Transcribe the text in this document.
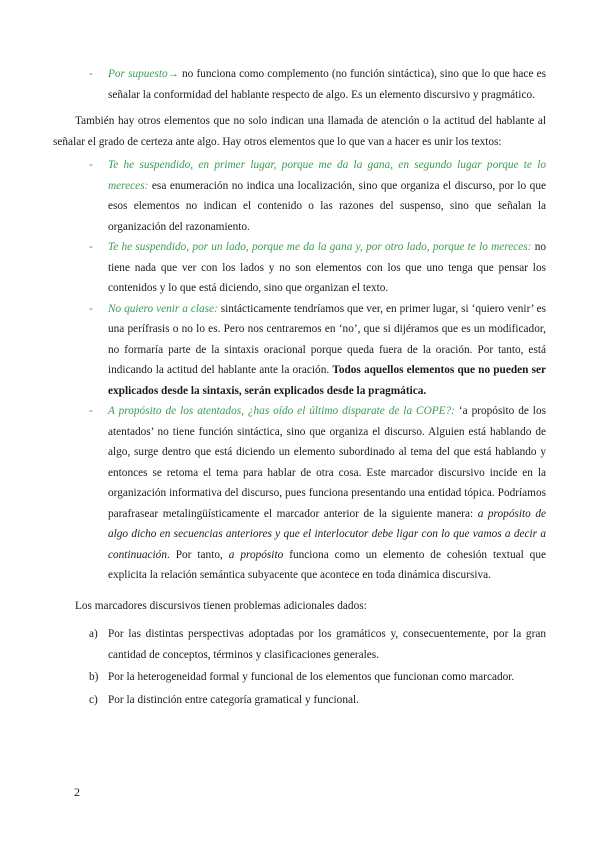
- Por supuesto→ no funciona como complemento (no función sintáctica), sino que lo que hace es señalar la conformidad del hablante respecto de algo. Es un elemento discursivo y pragmático.

También hay otros elementos que no solo indican una llamada de atención o la actitud del hablante al señalar el grado de certeza ante algo. Hay otros elementos que lo que van a hacer es unir los textos:

- Te he suspendido, en primer lugar, porque me da la gana, en segundo lugar porque te lo mereces: esa enumeración no indica una localización, sino que organiza el discurso, por lo que esos elementos no indican el contenido o las razones del suspenso, sino que señalan la organización del razonamiento.
- Te he suspendido, por un lado, porque me da la gana y, por otro lado, porque te lo mereces: no tiene nada que ver con los lados y no son elementos con los que uno tenga que pensar los contenidos y lo que está diciendo, sino que organizan el texto.
- No quiero venir a clase: sintácticamente tendríamos que ver, en primer lugar, si ‘quiero venir’ es una perífrasis o no lo es. Pero nos centraremos en ‘no’, que si dijéramos que es un modificador, no formaría parte de la sintaxis oracional porque queda fuera de la oración. Por tanto, está indicando la actitud del hablante ante la oración. Todos aquellos elementos que no pueden ser explicados desde la sintaxis, serán explicados desde la pragmática.
- A propósito de los atentados, ¿has oído el último disparate de la COPE?: ‘a propósito de los atentados’ no tiene función sintáctica, sino que organiza el discurso. Alguien está hablando de algo, surge dentro que está diciendo un elemento subordinado al tema del que está hablando y entonces se retoma el tema para hablar de otra cosa. Este marcador discursivo incide en la organización informativa del discurso, pues funciona presentando una entidad tópica. Podríamos parafrasear metalingüísticamente el marcador anterior de la siguiente manera: a propósito de algo dicho en secuencias anteriores y que el interlocutor debe ligar con lo que vamos a decir a continuación. Por tanto, a propósito funciona como un elemento de cohesión textual que explicita la relación semántica subyacente que acontece en toda dinámica discursiva.

Los marcadores discursivos tienen problemas adicionales dados:

a) Por las distintas perspectivas adoptadas por los gramáticos y, consecuentemente, por la gran cantidad de conceptos, términos y clasificaciones generales.
b) Por la heterogeneidad formal y funcional de los elementos que funcionan como marcador.
c) Por la distinción entre categoría gramatical y funcional.
2
